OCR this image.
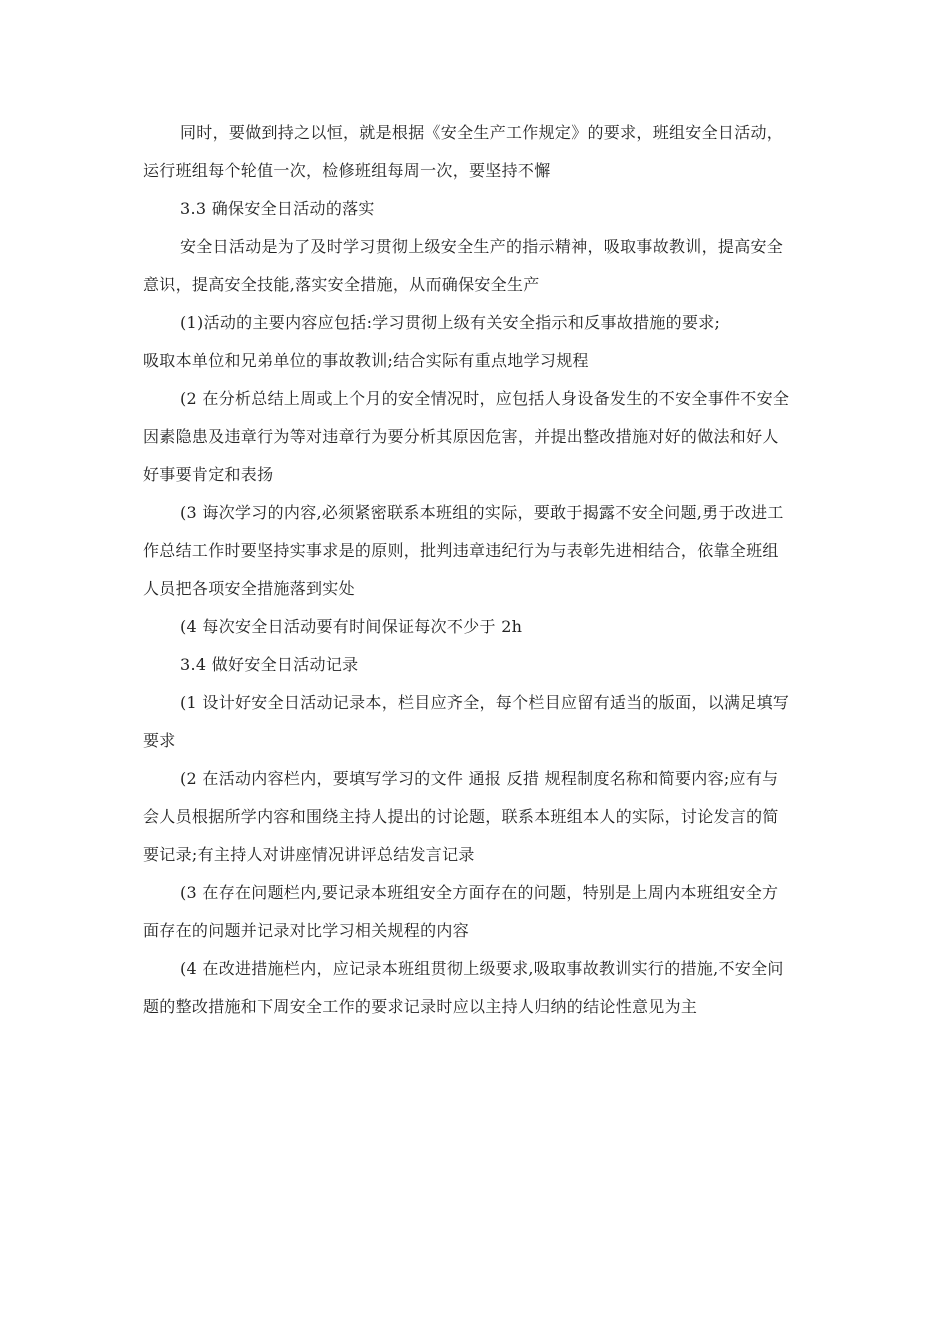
同时，要做到持之以恒，就是根据《安全生产工作规定》的要求，班组安全日活动，
运行班组每个轮值一次，检修班组每周一次，要坚持不懈
3.3 确保安全日活动的落实
安全日活动是为了及时学习贯彻上级安全生产的指示精神，吸取事故教训，提高安全
意识，提高安全技能,落实安全措施，从而确保安全生产
(1)活动的主要内容应包括:学习贯彻上级有关安全指示和反事故措施的要求;
吸取本单位和兄弟单位的事故教训;结合实际有重点地学习规程
(2 在分析总结上周或上个月的安全情况时，应包括人身设备发生的不安全事件不安全
因素隐患及违章行为等对违章行为要分析其原因危害，并提出整改措施对好的做法和好人
好事要肯定和表扬
(3 诲次学习的内容,必须紧密联系本班组的实际，要敢于揭露不安全问题,勇于改进工
作总结工作时要坚持实事求是的原则，批判违章违纪行为与表彰先进相结合，依靠全班组
人员把各项安全措施落到实处
(4 每次安全日活动要有时间保证每次不少于 2h
3.4 做好安全日活动记录
(1 设计好安全日活动记录本，栏目应齐全，每个栏目应留有适当的版面，以满足填写
要求
(2 在活动内容栏内，要填写学习的文件 通报 反措 规程制度名称和简要内容;应有与
会人员根据所学内容和围绕主持人提出的讨论题，联系本班组本人的实际，讨论发言的简
要记录;有主持人对讲座情况讲评总结发言记录
(3 在存在问题栏内,要记录本班组安全方面存在的问题，特别是上周内本班组安全方
面存在的问题并记录对比学习相关规程的内容
(4 在改进措施栏内，应记录本班组贯彻上级要求,吸取事故教训实行的措施,不安全问
题的整改措施和下周安全工作的要求记录时应以主持人归纳的结论性意见为主
